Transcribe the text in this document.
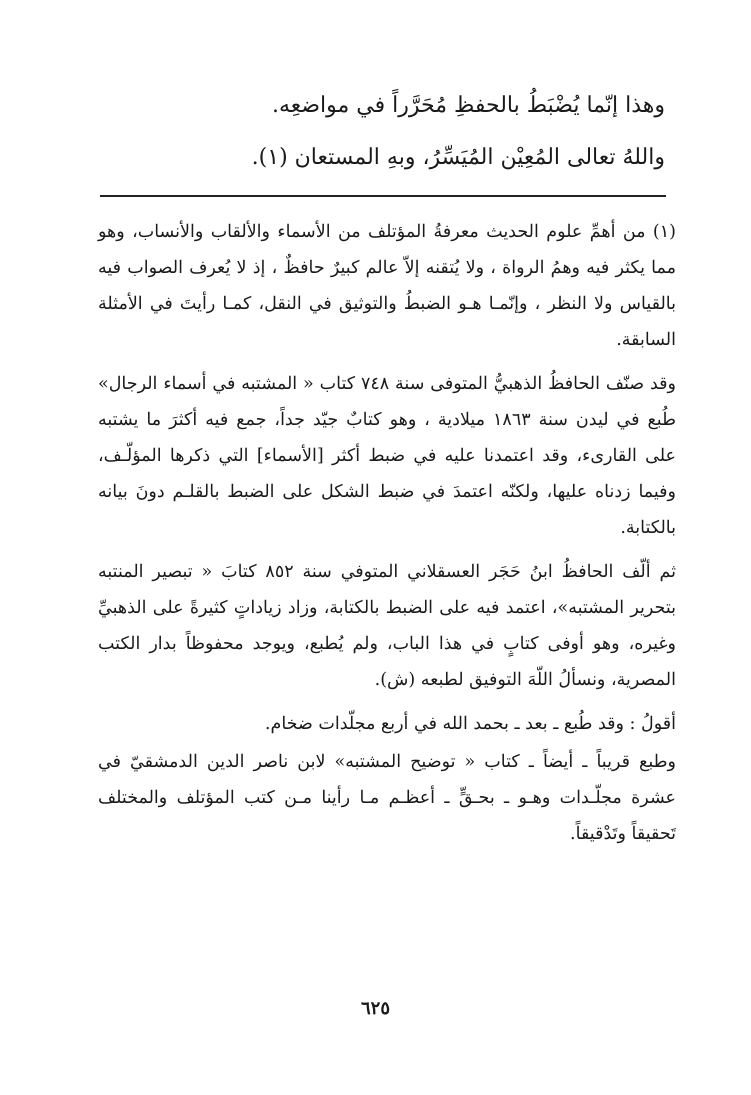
وهذا إنّما يُضْبَطُ بالحفظِ مُحَرَّراً في مواضعِه.

واللهُ تعالى المُعِيْن المُيَسِّرُ، وبهِ المستعان (١).

(١) من أهمِّ علوم الحديث معرفةُ المؤتلف من الأسماء والألقاب والأنساب، وهو مما يكثر فيه وهمُ الرواة ، ولا يُتقنه إلاّ عالم كبيرٌ حافظٌ ، إذ لا يُعرف الصواب فيه بالقياس ولا النظر ، وإنّمـا هـو الضبطُ والتوثيق في النقل، كمـا رأيتَ في الأمثلة السابقة.

وقد صنّف الحافظُ الذهبيُّ المتوفى سنة ٧٤٨ كتاب « المشتبه في أسماء الرجال» طُبع في ليدن سنة ١٨٦٣ ميلادية ، وهو كتابٌ جيّد جداً، جمع فيه أكثرَ ما يشتبه على القارىء، وقد اعتمدنا عليه في ضبط أكثر [الأسماء] التي ذكرها المؤلّـف، وفيما زدناه عليها، ولكنّه اعتمدَ في ضبط الشكل على الضبط بالقلـم دونَ بيانه بالكتابة.

ثم ألّف الحافظُ ابنُ حَجَر العسقلاني المتوفي سنة ٨٥٢ كتابَ « تبصير المنتبه بتحرير المشتبه»، اعتمد فيه على الضبط بالكتابة، وزاد زياداتٍ كثيرةً على الذهبيِّ وغيره، وهو أوفى كتابٍ في هذا الباب، ولم يُطبع، ويوجد محفوظاً بدار الكتب المصرية، ونسألُ اللّهَ التوفيق لطبعه (ش).

أقولُ : وقد طُبع ـ بعد ـ بحمد الله في أربع مجلّدات ضخام.

وطبع قريباً ـ أيضاً ـ كتاب « توضيح المشتبه» لابن ناصر الدين الدمشقيّ في عشرة مجلّـدات وهـو ـ بحـقٍّ ـ أعظـم مـا رأينا مـن كتب المؤتلف والمختلف تَحقيقاً وتَدْقيقاً.

٦٢٥
